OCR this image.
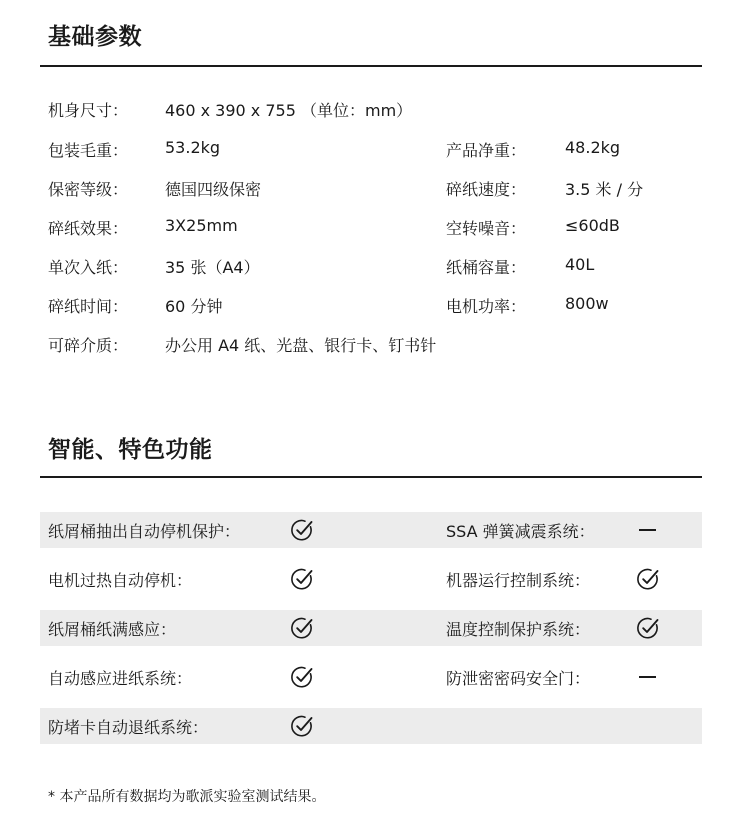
基础参数
机身尺寸： 460 x 390 x 755 （单位：mm）
包装毛重： 53.2kg	产品净重： 48.2kg
保密等级： 德国四级保密	碎纸速度： 3.5 米 / 分
碎纸效果： 3X25mm	空转噪音： ≤60dB
单次入纸： 35 张（A4）	纸桶容量： 40L
碎纸时间： 60 分钟	电机功率： 800w
可碎介质： 办公用 A4 纸、光盘、银行卡、钉书针
智能、特色功能
纸屑桶抽出自动停机保护：	SSA 弹簧减震系统：
电机过热自动停机：	机器运行控制系统：
纸屑桶纸满感应：	温度控制保护系统：
自动感应进纸系统：	防泄密密码安全门：
防堵卡自动退纸系统：
* 本产品所有数据均为歌派实验室测试结果。
